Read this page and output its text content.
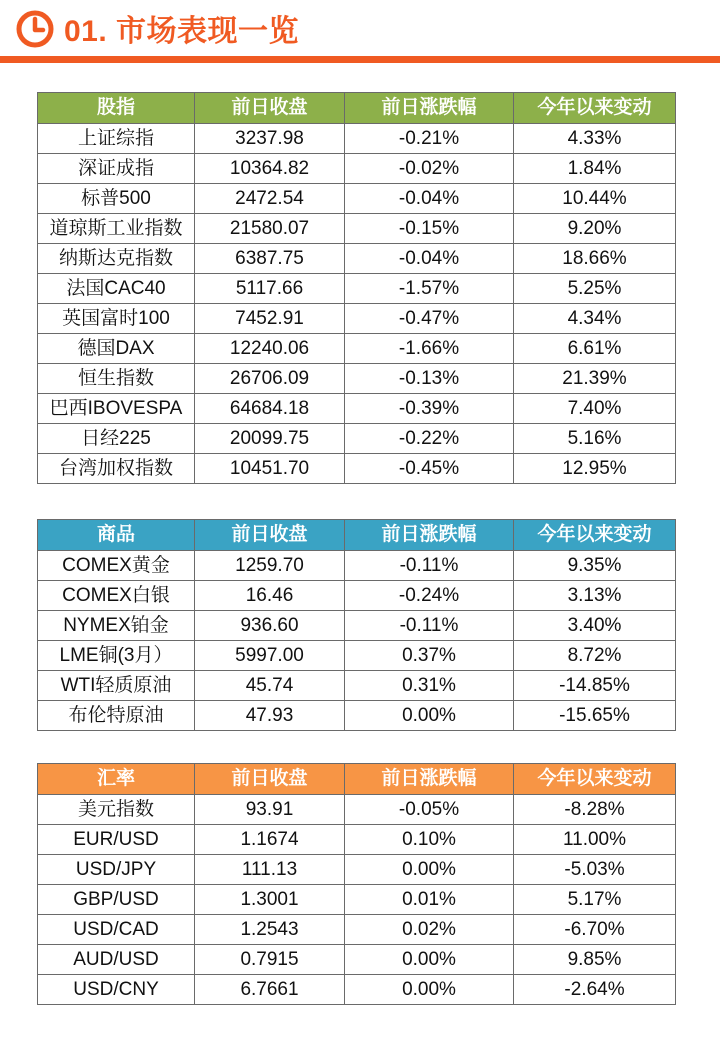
01. 市场表现一览
股指	前日收盘	前日涨跌幅	今年以来变动
上证综指	3237.98	-0.21%	4.33%
深证成指	10364.82	-0.02%	1.84%
标普500	2472.54	-0.04%	10.44%
道琼斯工业指数	21580.07	-0.15%	9.20%
纳斯达克指数	6387.75	-0.04%	18.66%
法国CAC40	5117.66	-1.57%	5.25%
英国富时100	7452.91	-0.47%	4.34%
德国DAX	12240.06	-1.66%	6.61%
恒生指数	26706.09	-0.13%	21.39%
巴西IBOVESPA	64684.18	-0.39%	7.40%
日经225	20099.75	-0.22%	5.16%
台湾加权指数	10451.70	-0.45%	12.95%
商品	前日收盘	前日涨跌幅	今年以来变动
COMEX黄金	1259.70	-0.11%	9.35%
COMEX白银	16.46	-0.24%	3.13%
NYMEX铂金	936.60	-0.11%	3.40%
LME铜(3月）	5997.00	0.37%	8.72%
WTI轻质原油	45.74	0.31%	-14.85%
布伦特原油	47.93	0.00%	-15.65%
汇率	前日收盘	前日涨跌幅	今年以来变动
美元指数	93.91	-0.05%	-8.28%
EUR/USD	1.1674	0.10%	11.00%
USD/JPY	111.13	0.00%	-5.03%
GBP/USD	1.3001	0.01%	5.17%
USD/CAD	1.2543	0.02%	-6.70%
AUD/USD	0.7915	0.00%	9.85%
USD/CNY	6.7661	0.00%	-2.64%
